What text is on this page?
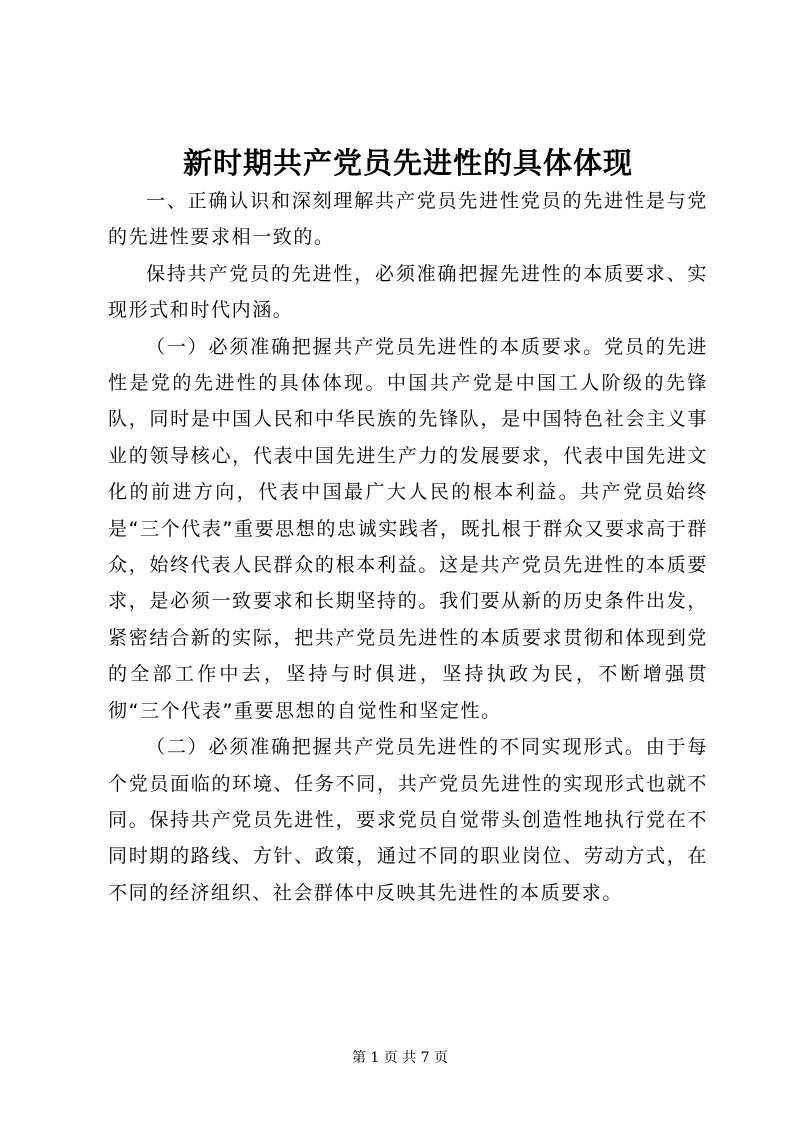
新时期共产党员先进性的具体体现

一、正确认识和深刻理解共产党员先进性党员的先进性是与党的先进性要求相一致的。

保持共产党员的先进性，必须准确把握先进性的本质要求、实现形式和时代内涵。

（一）必须准确把握共产党员先进性的本质要求。党员的先进性是党的先进性的具体体现。中国共产党是中国工人阶级的先锋队，同时是中国人民和中华民族的先锋队，是中国特色社会主义事业的领导核心，代表中国先进生产力的发展要求，代表中国先进文化的前进方向，代表中国最广大人民的根本利益。共产党员始终是“三个代表”重要思想的忠诚实践者，既扎根于群众又要求高于群众，始终代表人民群众的根本利益。这是共产党员先进性的本质要求，是必须一致要求和长期坚持的。我们要从新的历史条件出发，紧密结合新的实际，把共产党员先进性的本质要求贯彻和体现到党的全部工作中去，坚持与时俱进，坚持执政为民，不断增强贯彻“三个代表”重要思想的自觉性和坚定性。

（二）必须准确把握共产党员先进性的不同实现形式。由于每个党员面临的环境、任务不同，共产党员先进性的实现形式也就不同。保持共产党员先进性，要求党员自觉带头创造性地执行党在不同时期的路线、方针、政策，通过不同的职业岗位、劳动方式，在不同的经济组织、社会群体中反映其先进性的本质要求。

第 1 页 共 7 页
